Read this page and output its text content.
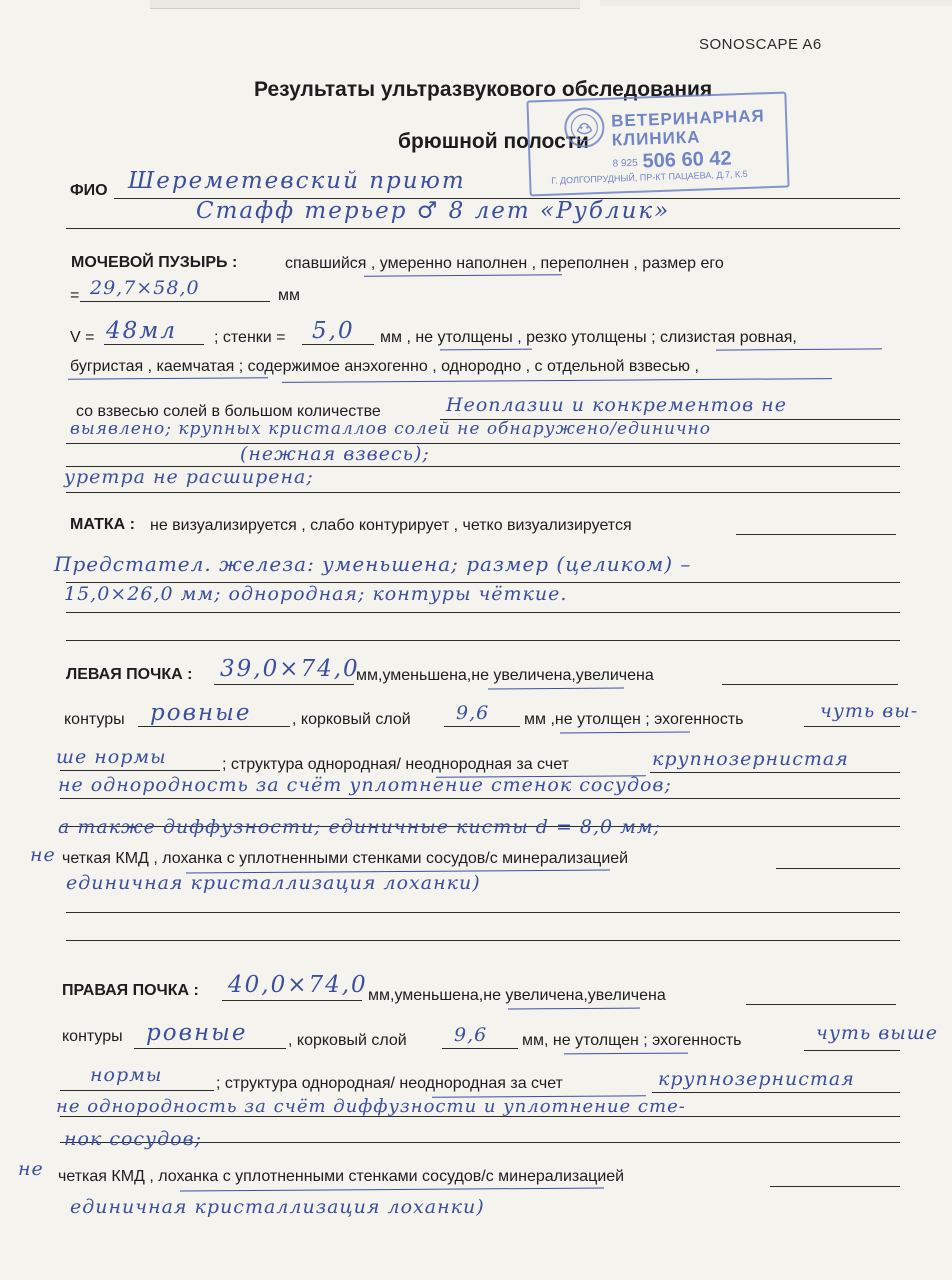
SONOSCAPE A6
Результаты ультразвукового обследования
брюшной полости
ВЕТЕРИНАРНАЯ
КЛИНИКА
8 925 506 60 42
Г. ДОЛГОПРУДНЫЙ, ПР-КТ ПАЦАЕВА, Д.7, К.5
ФИО Шереметевский приют
Стафф терьер ♂ 8 лет «Рублик»
МОЧЕВОЙ ПУЗЫРЬ :	спавшийся , умеренно наполнен , переполнен , размер его
= 29,7×58,0	мм
V = 48мл ; стенки = 5,0 мм , не утолщены , резко утолщены ; слизистая ровная,
бугристая , каемчатая ; содержимое анэхогенно , однородно , с отдельной взвесью ,
со взвесью солей в большом количестве	Неоплазии и конкрементов не
выявлено; крупных кристаллов солей не обнаружено/единично
(нежная взвесь);
уретра не расширена;
МАТКА : не визуализируется , слабо контурирует , четко визуализируется
Предстател. железа: уменьшена; размер (целиком) –
15,0×26,0 мм; однородная; контуры чёткие.
ЛЕВАЯ ПОЧКА : 39,0×74,0
мм,уменьшена,не увеличена,увеличена
контуры ровные	, корковый слой 9,6 мм ,не утолщен ; эхогенность	чуть вы-
ше нормы	; структура однородная/ неоднородная за счет	крупнозернистая
не однородность за счёт уплотнение стенок сосудов;
а также диффузности; единичные кисты d = 8,0 мм;
не четкая КМД , лоханка с уплотненными стенками сосудов/с минерализацией
единичная кристаллизация лоханки)
ПРАВАЯ ПОЧКА : 40,0×74,0 мм,уменьшена,не увеличена,увеличена
контуры ровные	, корковый слой 9,6 мм, не утолщен ; эхогенность	чуть выше
нормы	; структура однородная/ неоднородная за счет	крупнозернистая
не однородность за счёт диффузности и уплотнение сте-
нок сосудов;
не четкая КМД , лоханка с уплотненными стенками сосудов/с минерализацией
единичная кристаллизация лоханки)
